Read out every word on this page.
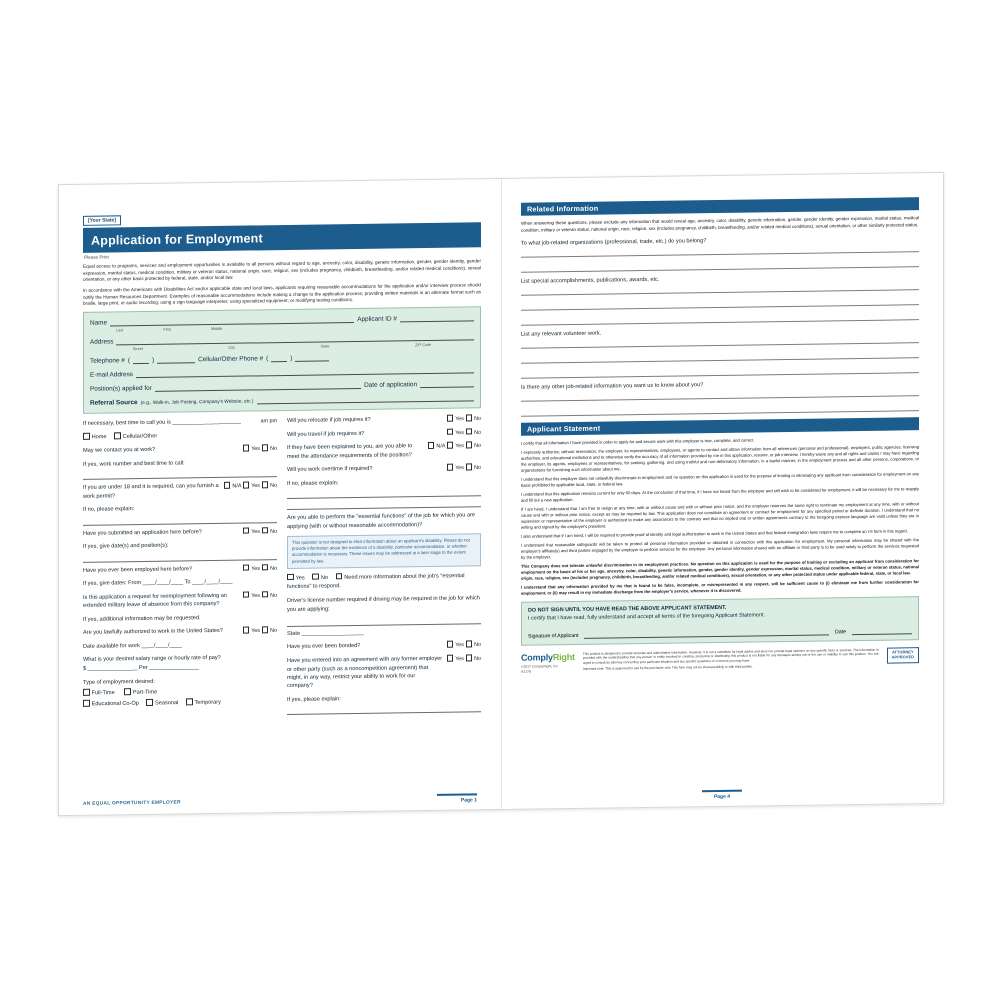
[Your State]
Application for Employment
Please Print
Equal access to programs, services and employment opportunities is available to all persons without regard to age, ancestry, color, disability, genetic information, gender, gender identity, gender expression, marital status, medical condition, military or veteran status, national origin, race, religion, sex (includes pregnancy, childbirth, breastfeeding, and/or related medical conditions), sexual orientation, or any other basis protected by federal, state, and/or local law.
In accordance with the Americans with Disabilities Act and/or applicable state and local laws, applicants requiring reasonable accommodations for the application and/or interview process should notify the Human Resources Department. Examples of reasonable accommodations include making a change to the application process; providing written materials in an alternate format such as braille, large print, or audio recording; using a sign language interpreter; using specialized equipment; or modifying testing conditions.
Name
Applicant ID #
Last	First	Middle
Address
Street	City	State	ZIP Code
Telephone # (	)	Cellular/Other Phone # (	)
E-mail Address
Position(s) applied for	Date of application
Referral Source (e.g., Walk-in, Job Posting, Company's Website, etc.)
If necessary, best time to call you is ______________________	am pm
Home	Cellular/Other
May we contact you at work?	Yes No
If yes, work number and best time to call:
If you are under 18 and it is required, can you furnish a work permit?
N/A Yes No
If no, please explain:
Have you submitted an application here before?	Yes No
If yes, give date(s) and position(s):
Have you ever been employed here before?	Yes No
If yes, give dates: From ____/____/____ To ____/____/____
Is this application a request for reemployment following an extended military leave of absence from this company?
Yes No
If yes, additional information may be requested.
Are you lawfully authorized to work in the United States?	Yes No
Date available for work ____/____/____
What is your desired salary range or hourly rate of pay?
$ ________________ Per ________________
Type of employment desired:
Full-Time	Part-Time
Educational Co-Op	Seasonal	Temporary
Will you relocate if job requires it?	Yes No
Will you travel if job requires it?	Yes No
If they have been explained to you, are you able to meet the attendance requirements of the position?
N/A Yes No
Will you work overtime if required?	Yes No
If no, please explain:
Are you able to perform the "essential functions" of the job for which you are applying (with or without reasonable accommodation)?
This question is not designed to elicit information about an applicant's disability. Please do not provide information about the existence of a disability, particular accommodation, or whether accommodation is necessary. These issues may be addressed at a later stage to the extent permitted by law.
Yes	No	Need more information about the job's "essential functions" to respond.
Driver's license number required if driving may be required in the job for which you are applying:
State ____________________
Have you ever been bonded?	Yes No
Have you entered into an agreement with any former employer or other party (such as a noncompetition agreement) that might, in any way, restrict your ability to work for our company?
Yes No
If yes, please explain:
AN EQUAL OPPORTUNITY EMPLOYER	Page 1
Related Information
When answering these questions, please exclude any information that would reveal age, ancestry, color, disability, genetic information, gender, gender identity, gender expression, marital status, medical condition, military or veteran status, national origin, race, religion, sex (includes pregnancy, childbirth, breastfeeding, and/or related medical conditions), sexual orientation, or other similarly protected status.
To what job-related organizations (professional, trade, etc.) do you belong?
List special accomplishments, publications, awards, etc.
List any relevant volunteer work.
Is there any other job-related information you want us to know about you?
Applicant Statement

I certify that all information I have provided in order to apply for and secure work with this employer is true, complete, and correct.

I expressly authorize, without reservation, the employer, its representatives, employees, or agents to contact and obtain information from all references (personal and professional), employers, public agencies, licensing authorities, and educational institutions and to otherwise verify the accuracy of all information provided by me in this application, resume, or job interview. I hereby waive any and all rights and claims I may have regarding the employer, its agents, employees or representatives, for seeking, gathering, and using truthful and non-defamatory information, in a lawful manner, in the employment process and all other persons, corporations, or organizations for furnishing such information about me.

I understand that this employer does not unlawfully discriminate in employment and no question on this application is used for the purpose of limiting or eliminating any applicant from consideration for employment on any basis prohibited by applicable local, state, or federal law.

I understand that this application remains current for only 60 days. At the conclusion of that time, if I have not heard from the employer and still wish to be considered for employment, it will be necessary for me to reapply and fill out a new application.

If I am hired, I understand that I am free to resign at any time, with or without cause and with or without prior notice, and the employer reserves the same right to terminate my employment at any time, with or without cause and with or without prior notice, except as may be required by law. This application does not constitute an agreement or contract for employment for any specified period or definite duration. I understand that no supervisor or representative of the employer is authorized to make any assurances to the contrary and that no implied oral or written agreements contrary to the foregoing express language are valid unless they are in writing and signed by the employer's president.

I also understand that if I am hired, I will be required to provide proof of identity and legal authorization to work in the United States and that federal immigration laws require me to complete an I-9 form in this regard.

I understand that reasonable safeguards will be taken to protect all personal information provided or obtained in connection with this application for employment. My personal information may be shared with the employer's affiliate(s) and third parties engaged by the employer to perform services for the employer. Any personal information shared with an affiliate or third party is to be used solely to perform the services requested by the employer.

This Company does not tolerate unlawful discrimination in its employment practices. No question on this application is used for the purpose of limiting or excluding an applicant from consideration for employment on the basis of his or her age, ancestry, color, disability, genetic information, gender, gender identity, gender expression, marital status, medical condition, military or veteran status, national origin, race, religion, sex (includes pregnancy, childbirth, breastfeeding, and/or related medical conditions), sexual orientation, or any other protected status under applicable federal, state, or local law.

I understand that any information provided by me that is found to be false, incomplete, or misrepresented in any respect, will be sufficient cause to (i) eliminate me from further consideration for employment, or (ii) may result in my immediate discharge from the employer's service, whenever it is discovered.

DO NOT SIGN UNTIL YOU HAVE READ THE ABOVE APPLICANT STATEMENT.
I certify that I have read, fully understand and accept all terms of the foregoing Applicant Statement.
Signature of Applicant
Date
ComplyRight
©2017 ComplyRight, Inc.
A2178
This product is designed to provide accurate and authoritative information. However, it is not a substitute for legal advice and does not provide legal opinions on any specific facts or services. The information is provided with the understanding that any person or entity involved in creating, producing or distributing this product is not liable for any damages arising out of the use or inability to use this product. You are urged to consult an attorney concerning your particular situation and any specific questions or concerns you may have.
Important note: This is approved for use by the purchaser only. This form may not be shared publicly or with third parties.
ATTORNEY
APPROVED
Page 4
